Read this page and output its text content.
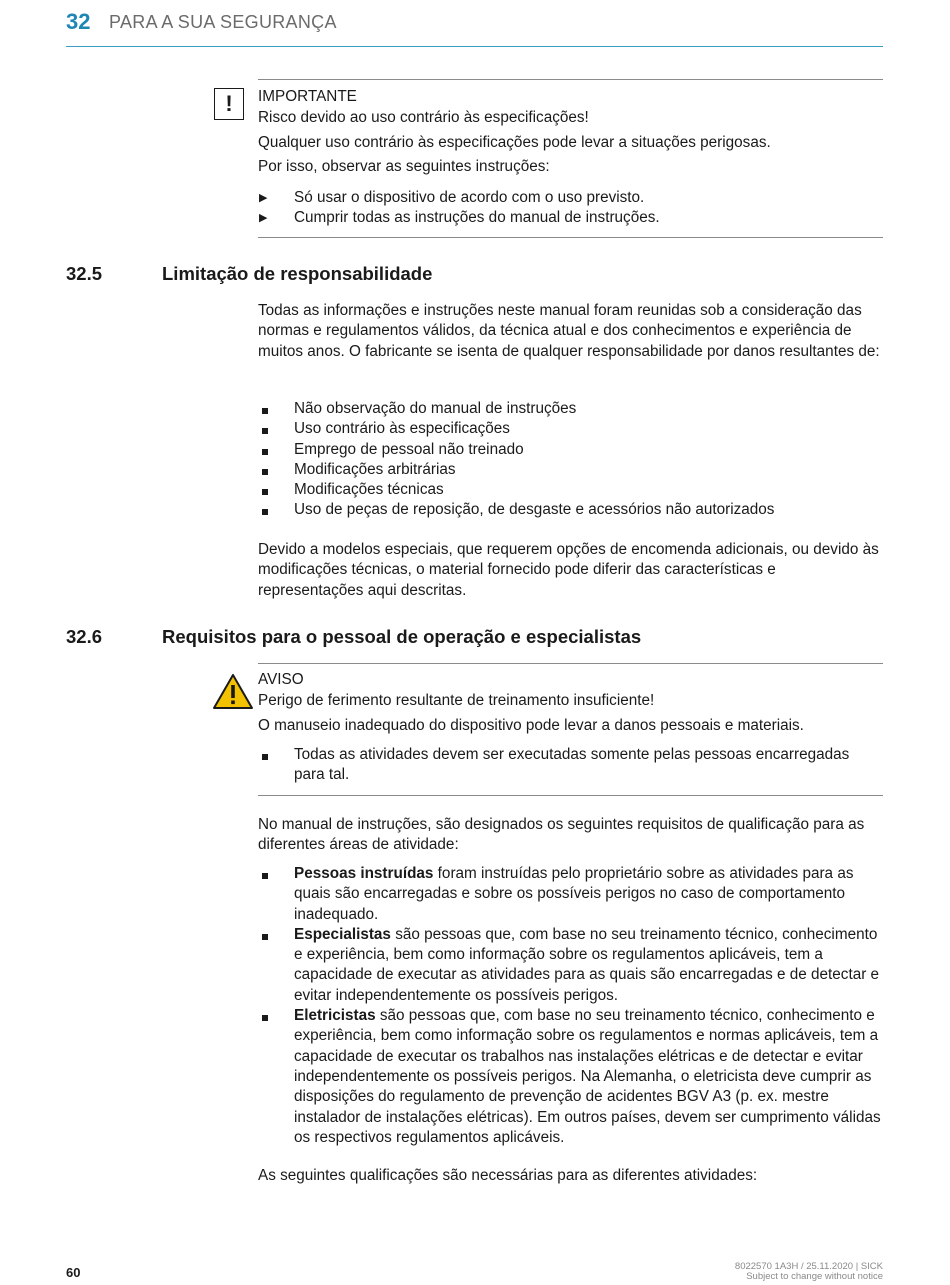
32 PARA A SUA SEGURANÇA
!	IMPORTANTE
Risco devido ao uso contrário às especificações!
Qualquer uso contrário às especificações pode levar a situações perigosas.
Por isso, observar as seguintes instruções:
▶ Só usar o dispositivo de acordo com o uso previsto.
▶ Cumprir todas as instruções do manual de instruções.
32.5	Limitação de responsabilidade
Todas as informações e instruções neste manual foram reunidas sob a consideração das normas e regulamentos válidos, da técnica atual e dos conhecimentos e experiência de muitos anos. O fabricante se isenta de qualquer responsabilidade por danos resultantes de:
Não observação do manual de instruções
Uso contrário às especificações
Emprego de pessoal não treinado
Modificações arbitrárias
Modificações técnicas
Uso de peças de reposição, de desgaste e acessórios não autorizados
Devido a modelos especiais, que requerem opções de encomenda adicionais, ou devido às modificações técnicas, o material fornecido pode diferir das características e representações aqui descritas.
32.6	Requisitos para o pessoal de operação e especialistas
AVISO
Perigo de ferimento resultante de treinamento insuficiente!
O manuseio inadequado do dispositivo pode levar a danos pessoais e materiais.
Todas as atividades devem ser executadas somente pelas pessoas encarregadas para tal.
No manual de instruções, são designados os seguintes requisitos de qualificação para as diferentes áreas de atividade:
Pessoas instruídas foram instruídas pelo proprietário sobre as atividades para as quais são encarregadas e sobre os possíveis perigos no caso de comportamento inadequado.
Especialistas são pessoas que, com base no seu treinamento técnico, conhecimento e experiência, bem como informação sobre os regulamentos aplicáveis, tem a capacidade de executar as atividades para as quais são encarregadas e de detectar e evitar independentemente os possíveis perigos.
Eletricistas são pessoas que, com base no seu treinamento técnico, conhecimento e experiência, bem como informação sobre os regulamentos e normas aplicáveis, tem a capacidade de executar os trabalhos nas instalações elétricas e de detectar e evitar independentemente os possíveis perigos. Na Alemanha, o eletricista deve cumprir as disposições do regulamento de prevenção de acidentes BGV A3 (p. ex. mestre instalador de instalações elétricas). Em outros países, devem ser cumprimento válidas os respectivos regulamentos aplicáveis.
As seguintes qualificações são necessárias para as diferentes atividades:
60	8022570 1A3H / 25.11.2020 | SICK
Subject to change without notice
